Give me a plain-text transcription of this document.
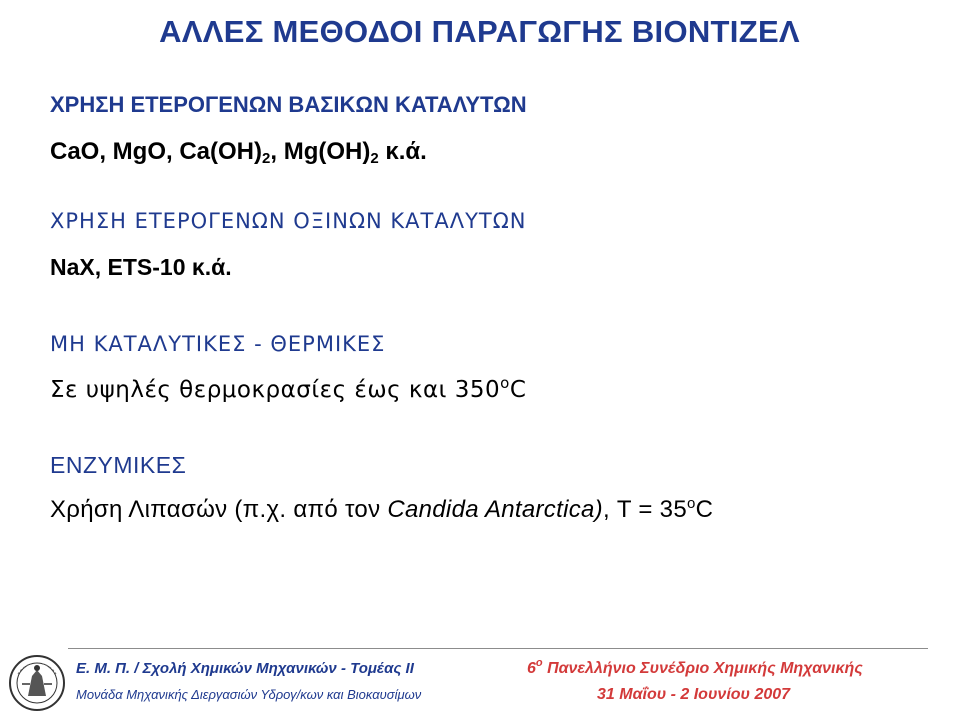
ΑΛΛΕΣ ΜΕΘΟΔΟΙ ΠΑΡΑΓΩΓΗΣ ΒΙΟΝΤΙΖΕΛ
ΧΡΗΣΗ ΕΤΕΡΟΓΕΝΩΝ ΒΑΣΙΚΩΝ ΚΑΤΑΛΥΤΩΝ
CaO, MgO, $Ca(OH)_2$, $Mg(OH)_2$ κ.ά.
ΧΡΗΣΗ ΕΤΕΡΟΓΕΝΩΝ ΟΞΙΝΩΝ ΚΑΤΑΛΥΤΩΝ
NaX, ETS-10 κ.ά.
ΜΗ ΚΑΤΑΛΥΤΙΚΕΣ - ΘΕΡΜΙΚΕΣ
Σε υψηλές θερμοκρασίες έως και $350^oC$
ΕΝΖΥΜΙΚΕΣ
Χρήση Λιπασών (π.χ. από τον Candida Antarctica), $T = 35^oC$
Ε. Μ. Π. / Σχολή Χημικών Μηχανικών - Τομέας ΙΙ
Μονάδα Μηχανικής Διεργασιών Υδρογ/κων και Βιοκαυσίμων
$6^o$ Πανελλήνιο Συνέδριο Χημικής Μηχανικής
31 Μαΐου - 2 Ιουνίου 2007
